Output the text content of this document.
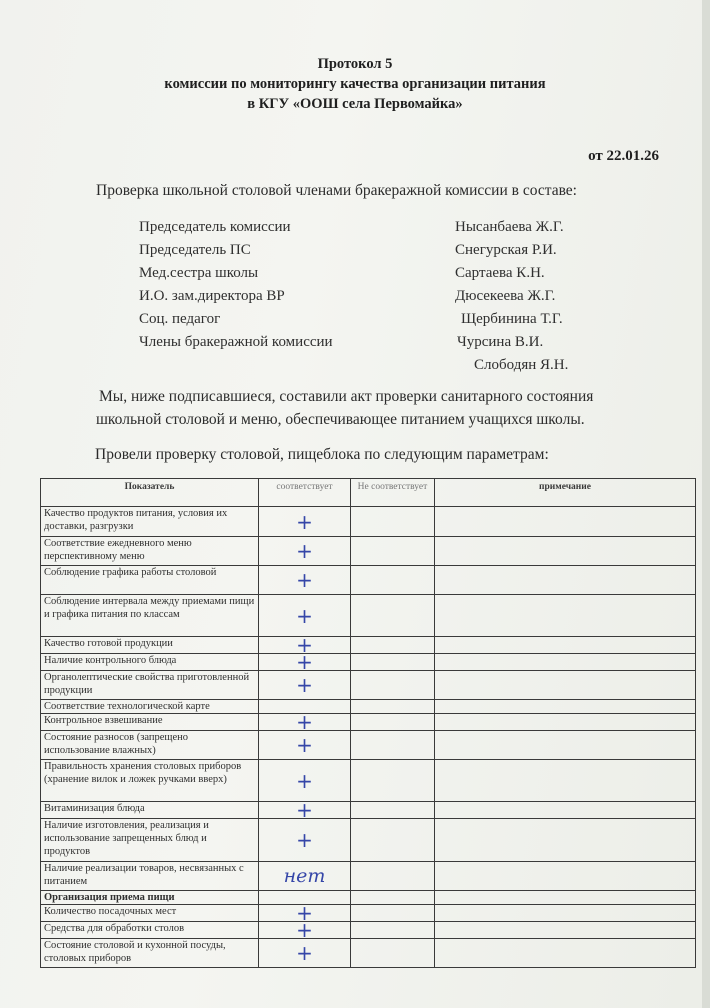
Протокол 5
комиссии по мониторингу качества организации питания
в КГУ «ООШ села Первомайка»
от 22.01.26
Проверка школьной столовой членами бракеражной комиссии в составе:
Председатель комиссии	Нысанбаева Ж.Г.
Председатель ПС	Снегурская Р.И.
Мед.сестра школы	Сартаева К.Н.
И.О. зам.директора ВР	Дюсекеева Ж.Г.
Соц. педагог	Щербинина Т.Г.
Члены бракеражной комиссии	Чурсина В.И.
Слободян Я.Н.
Мы, ниже подписавшиеся, составили акт проверки санитарного состояния
школьной столовой и меню, обеспечивающее питанием учащихся школы.
Провели проверку столовой, пищеблока по следующим параметрам:
Показатель	соответствует	Не соответствует	примечание
Качество продуктов питания, условия их доставки, разгрузки	+		
Соответствие ежедневного меню перспективному меню	+		
Соблюдение графика работы столовой	+		
Соблюдение интервала между приемами пищи и графика питания по классам	+		
Качество готовой продукции	+		
Наличие контрольного блюда	+		
Органолептические свойства приготовленной продукции	+		
Соответствие технологической карте			
Контрольное взвешивание	+		
Состояние разносов (запрещено использование влажных)	+		
Правильность хранения столовых приборов (хранение вилок и ложек ручками вверх)	+		
Витаминизация блюда	+		
Наличие изготовления, реализация и использование запрещенных блюд и продуктов	+		
Наличие реализации товаров, несвязанных с питанием	нет		
Организация приема пищи			
Количество посадочных мест	+		
Средства для обработки столов	+		
Состояние столовой и кухонной посуды, столовых приборов	+		
